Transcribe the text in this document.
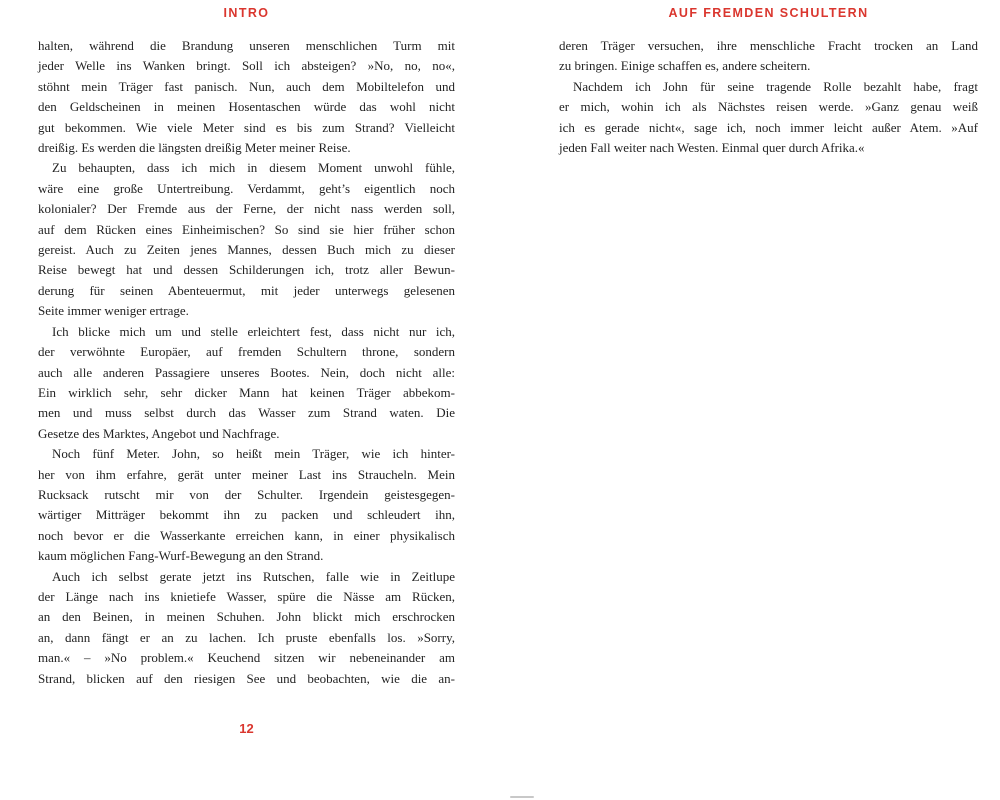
INTRO
halten, während die Brandung unseren menschlichen Turm mit
jeder Welle ins Wanken bringt. Soll ich absteigen? »No, no, no«,
stöhnt mein Träger fast panisch. Nun, auch dem Mobiltelefon und
den Geldscheinen in meinen Hosentaschen würde das wohl nicht
gut bekommen. Wie viele Meter sind es bis zum Strand? Vielleicht
dreißig. Es werden die längsten dreißig Meter meiner Reise.
Zu behaupten, dass ich mich in diesem Moment unwohl fühle,
wäre eine große Untertreibung. Verdammt, geht’s eigentlich noch
kolonialer? Der Fremde aus der Ferne, der nicht nass werden soll,
auf dem Rücken eines Einheimischen? So sind sie hier früher schon
gereist. Auch zu Zeiten jenes Mannes, dessen Buch mich zu dieser
Reise bewegt hat und dessen Schilderungen ich, trotz aller Bewun-
derung für seinen Abenteuermut, mit jeder unterwegs gelesenen
Seite immer weniger ertrage.
Ich blicke mich um und stelle erleichtert fest, dass nicht nur ich,
der verwöhnte Europäer, auf fremden Schultern throne, sondern
auch alle anderen Passagiere unseres Bootes. Nein, doch nicht alle:
Ein wirklich sehr, sehr dicker Mann hat keinen Träger abbekom-
men und muss selbst durch das Wasser zum Strand waten. Die
Gesetze des Marktes, Angebot und Nachfrage.
Noch fünf Meter. John, so heißt mein Träger, wie ich hinter-
her von ihm erfahre, gerät unter meiner Last ins Straucheln. Mein
Rucksack rutscht mir von der Schulter. Irgendein geistesgegen-
wärtiger Mitträger bekommt ihn zu packen und schleudert ihn,
noch bevor er die Wasserkante erreichen kann, in einer physikalisch
kaum möglichen Fang-Wurf-Bewegung an den Strand.
Auch ich selbst gerate jetzt ins Rutschen, falle wie in Zeitlupe
der Länge nach ins knietiefe Wasser, spüre die Nässe am Rücken,
an den Beinen, in meinen Schuhen. John blickt mich erschrocken
an, dann fängt er an zu lachen. Ich pruste ebenfalls los. »Sorry,
man.« – »No problem.« Keuchend sitzen wir nebeneinander am
Strand, blicken auf den riesigen See und beobachten, wie die an-
12
AUF FREMDEN SCHULTERN
deren Träger versuchen, ihre menschliche Fracht trocken an Land
zu bringen. Einige schaffen es, andere scheitern.
Nachdem ich John für seine tragende Rolle bezahlt habe, fragt
er mich, wohin ich als Nächstes reisen werde. »Ganz genau weiß
ich es gerade nicht«, sage ich, noch immer leicht außer Atem. »Auf
jeden Fall weiter nach Westen. Einmal quer durch Afrika.«
